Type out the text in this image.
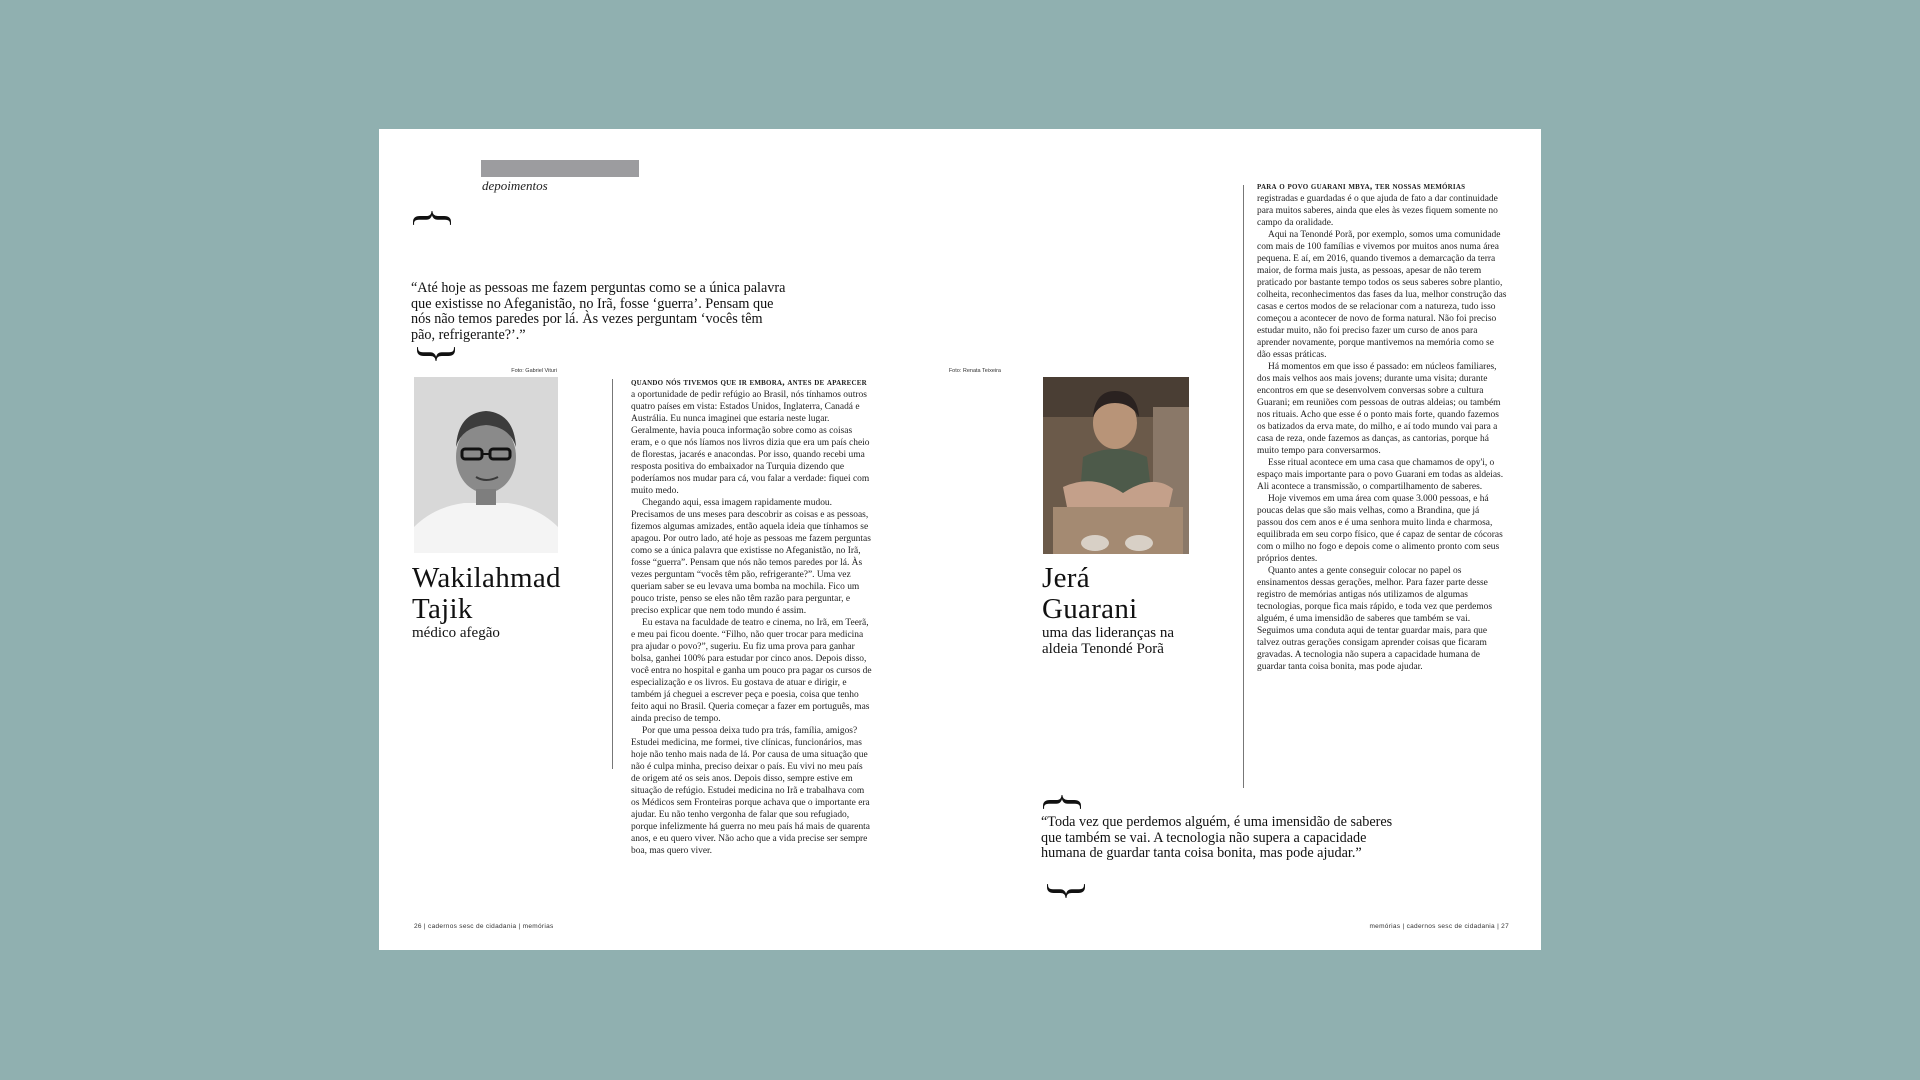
depoimentos
{
“Até hoje as pessoas me fazem perguntas como se a única palavra que existisse no Afeganistão, no Irã, fosse ‘guerra’. Pensam que nós não temos paredes por lá. Às vezes perguntam ‘vocês têm pão, refrigerante?’.”
{
Foto: Gabriel Vituri
Wakilahmad
Tajik
médico afegão

quando nós tivemos que ir embora, antes de aparecer

a oportunidade de pedir refúgio ao Brasil, nós tínhamos outros quatro países em vista: Estados Unidos, Inglaterra, Canadá e Austrália. Eu nunca imaginei que estaria neste lugar. Geralmente, havia pouca informação sobre como as coisas eram, e o que nós líamos nos livros dizia que era um país cheio de florestas, jacarés e anacondas. Por isso, quando recebi uma resposta positiva do embaixador na Turquia dizendo que poderíamos nos mudar para cá, vou falar a verdade: fiquei com muito medo.

Chegando aqui, essa imagem rapidamente mudou. Precisamos de uns meses para descobrir as coisas e as pessoas, fizemos algumas amizades, então aquela ideia que tínhamos se apagou. Por outro lado, até hoje as pessoas me fazem perguntas como se a única palavra que existisse no Afeganistão, no Irã, fosse “guerra”. Pensam que nós não temos paredes por lá. Às vezes perguntam “vocês têm pão, refrigerante?”. Uma vez queriam saber se eu levava uma bomba na mochila. Fico um pouco triste, penso se eles não têm razão para perguntar, e preciso explicar que nem todo mundo é assim.

Eu estava na faculdade de teatro e cinema, no Irã, em Teerã, e meu pai ficou doente. “Filho, não quer trocar para medicina pra ajudar o povo?”, sugeriu. Eu fiz uma prova para ganhar bolsa, ganhei 100% para estudar por cinco anos. Depois disso, você entra no hospital e ganha um pouco pra pagar os cursos de especialização e os livros. Eu gostava de atuar e dirigir, e também já cheguei a escrever peça e poesia, coisa que tenho feito aqui no Brasil. Queria começar a fazer em português, mas ainda preciso de tempo.

Por que uma pessoa deixa tudo pra trás, família, amigos? Estudei medicina, me formei, tive clínicas, funcionários, mas hoje não tenho mais nada de lá. Por causa de uma situação que não é culpa minha, preciso deixar o país. Eu vivi no meu país de origem até os seis anos. Depois disso, sempre estive em situação de refúgio. Estudei medicina no Irã e trabalhava com os Médicos sem Fronteiras porque achava que o importante era ajudar. Eu não tenho vergonha de falar que sou refugiado, porque infelizmente há guerra no meu país há mais de quarenta anos, e eu quero viver. Não acho que a vida precise ser sempre boa, mas quero viver.

26 | cadernos sesc de cidadania | memórias
Foto: Renata Teixeira
Jerá
Guarani
uma das lideranças na
aldeia Tenondé Porã

para o povo guarani mbya, ter nossas memórias

registradas e guardadas é o que ajuda de fato a dar continuidade para muitos saberes, ainda que eles às vezes fiquem somente no campo da oralidade.

Aqui na Tenondé Porã, por exemplo, somos uma comunidade com mais de 100 famílias e vivemos por muitos anos numa área pequena. E aí, em 2016, quando tivemos a demarcação da terra maior, de forma mais justa, as pessoas, apesar de não terem praticado por bastante tempo todos os seus saberes sobre plantio, colheita, reconhecimentos das fases da lua, melhor construção das casas e certos modos de se relacionar com a natureza, tudo isso começou a acontecer de novo de forma natural. Não foi preciso estudar muito, não foi preciso fazer um curso de anos para aprender novamente, porque mantivemos na memória como se dão essas práticas.

Há momentos em que isso é passado: em núcleos familiares, dos mais velhos aos mais jovens; durante uma visita; durante encontros em que se desenvolvem conversas sobre a cultura Guarani; em reuniões com pessoas de outras aldeias; ou também nos rituais. Acho que esse é o ponto mais forte, quando fazemos os batizados da erva mate, do milho, e aí todo mundo vai para a casa de reza, onde fazemos as danças, as cantorias, porque há muito tempo para conversarmos.

Esse ritual acontece em uma casa que chamamos de opy'i, o espaço mais importante para o povo Guarani em todas as aldeias. Ali acontece a transmissão, o compartilhamento de saberes.

Hoje vivemos em uma área com quase 3.000 pessoas, e há poucas delas que são mais velhas, como a Brandina, que já passou dos cem anos e é uma senhora muito linda e charmosa, equilibrada em seu corpo físico, que é capaz de sentar de cócoras com o milho no fogo e depois come o alimento pronto com seus próprios dentes.

Quanto antes a gente conseguir colocar no papel os ensinamentos dessas gerações, melhor. Para fazer parte desse registro de memórias antigas nós utilizamos de algumas tecnologias, porque fica mais rápido, e toda vez que perdemos alguém, é uma imensidão de saberes que também se vai. Seguimos uma conduta aqui de tentar guardar mais, para que talvez outras gerações consigam aprender coisas que ficaram gravadas. A tecnologia não supera a capacidade humana de guardar tanta coisa bonita, mas pode ajudar.

{
“Toda vez que perdemos alguém, é uma imensidão de saberes que também se vai. A tecnologia não supera a capacidade humana de guardar tanta coisa bonita, mas pode ajudar.”
{
memórias | cadernos sesc de cidadania | 27
